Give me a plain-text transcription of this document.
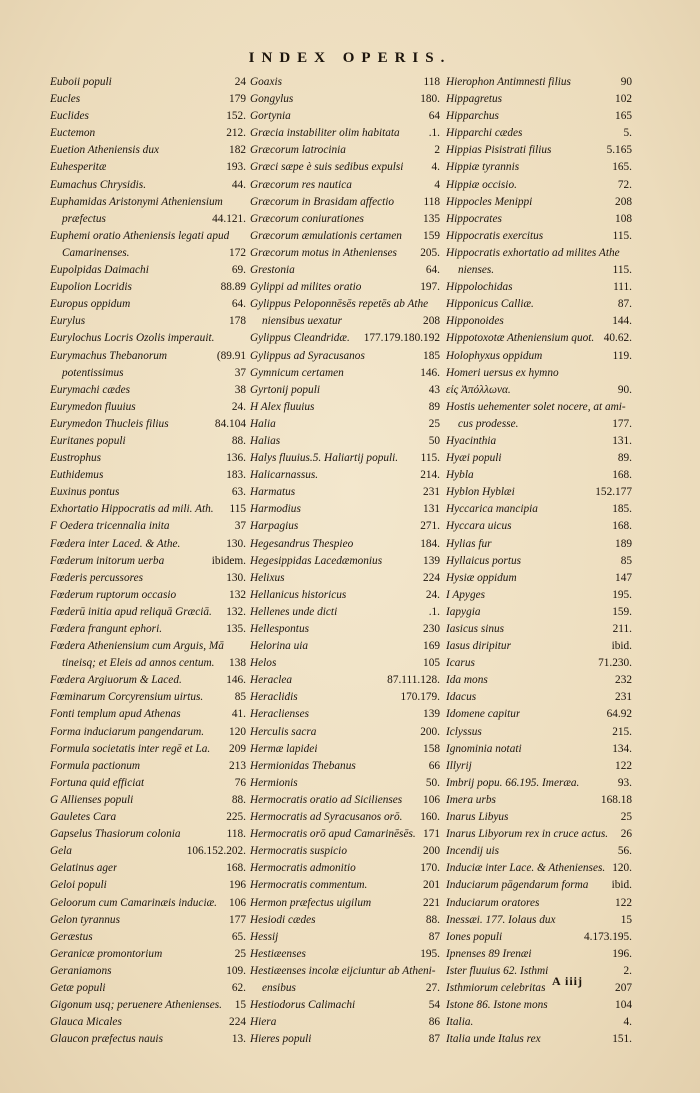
INDEX OPERIS.
Euboii populi	24
Eucles	179
Euclides	152.
Euctemon	212.
Euetion Atheniensis dux	182
Euhesperitæ	193.
Eumachus Chrysidis.	44.
Euphamidas Aristonymi Atheniensium
præfectus	44.121.
Euphemi oratio Atheniensis legati apud
Camarinenses.	172
Eupolpidas Daimachi	69.
Eupolion Locridis	88.89
Europus oppidum	64.
Eurylus	178
Eurylochus Locris Ozolis imperauit.
Eurymachus Thebanorum	(89.91
potentissimus	37
Eurymachi cædes	38
Eurymedon fluuius	24.
Eurymedon Thucleis filius	84.104
Euritanes populi	88.
Eustrophus	136.
Euthidemus	183.
Euxinus pontus	63.
Exhortatio Hippocratis ad mili. Ath. 115
F Oedera tricennalia inita	37
Fœdera inter Laced. & Athe.	130.
Fœderum initorum uerba	ibidem.
Fœderis percussores	130.
Fœderum ruptorum occasio	132
Fœderū initia apud reliquā Græciā. 132.
Fœdera frangunt ephori.	135.
Fœdera Atheniensium cum Arguis, Mā
tineisq; et Eleis ad annos centum. 138
Fœdera Argiuorum & Laced.	146.
Fœminarum Corcyrensium uirtus.	85
Fonti templum apud Athenas	41.
Forma induciarum pangendarum. 120
Formula societatis inter regē et La. 209
Formula pactionum	213
Fortuna quid efficiat	76
G Allienses populi	88.
Gauletes Cara	225.
Gapselus Thasiorum colonia	118.
Gela	106.152.202.
Gelatinus ager	168.
Geloi populi	196
Geloorum cum Camarinæis induciæ. 106
Gelon tyrannus	177
Geræstus	65.
Geranicæ promontorium	25
Geraniamons	109.
Getæ populi	62.
Gigonum usq; peruenere Athenienses. 15
Glauca Micales	224
Glaucon præfectus nauis	13.
Goaxis	118
Gongylus	180.
Gortynia	64
Græcia instabiliter olim habitata	.1.
Græcorum latrocinia	2
Græci sæpe è suis sedibus expulsi 4.
Græcorum res nautica	4
Græcorum in Brasidam affectio	118
Græcorum coniurationes	135
Græcorum æmulationis certamen 159
Græcorum motus in Athenienses 205.
Grestonia	64.
Gylippi ad milites oratio	197.
Gylippus Peloponnēsēs repetēs ab Athe
niensibus uexatur	208
Gylippus Cleandridæ. 177.179.180.192
Gylippus ad Syracusanos	185
Gymnicum certamen	146.
Gyrtonij populi	43
H Alex fluuius	89
Halia	25
Halias	50
Halys fluuius.5. Haliartij populi. 115.
Halicarnassus.	214.
Harmatus	231
Harmodius	131
Harpagius	271.
Hegesandrus Thespieo	184.
Hegesippidas Lacedæmonius	139
Helixus	224
Hellanicus historicus	24.
Hellenes unde dicti	.1.
Hellespontus	230
Helorina uia	169
Helos	105
Heraclea	87.111.128.
Heraclidis	170.179.
Heraclienses	139
Herculis sacra	200.
Hermæ lapidei	158
Hermionidas Thebanus	66
Hermionis	50.
Hermocratis oratio ad Sicilienses 106
Hermocratis ad Syracusanos orō. 160.
Hermocratis orō apud Camarinēsēs. 171
Hermocratis suspicio	200
Hermocratis admonitio	170.
Hermocratis commentum.	201
Hermon præfectus uigilum	221
Hesiodi cædes	88.
Hessij	87
Hestiæenses	195.
Hestiæenses incolæ eijciuntur ab Atheni-
ensibus	27.
Hestiodorus Calimachi	54
Hiera	86
Hieres populi	87
Hierophon Antimnesti filius	90
Hippagretus	102
Hipparchus	165
Hipparchi cædes	5.
Hippias Pisistrati filius	5.165
Hippiæ tyrannis	165.
Hippiæ occisio.	72.
Hippocles Menippi	208
Hippocrates	108
Hippocratis exercitus	115.
Hippocratis exhortatio ad milites Athe
nienses.	115.
Hippolochidas	111.
Hipponicus Calliæ.	87.
Hipponoides	144.
Hippotoxotæ Atheniensium quot. 40.62.
Holophyxus oppidum	119.
Homeri uersus ex hymno
εἰς Ἀπόλλωνα.	90.
Hostis uehementer solet nocere, at ami-
cus prodesse.	177.
Hyacinthia	131.
Hyæi populi	89.
Hybla	168.
Hyblon Hyblæi	152.177
Hyccarica mancipia	185.
Hyccara uicus	168.
Hylias fur	189
Hyllaicus portus	85
Hysiæ oppidum	147
I Apyges	195.
Iapygia	159.
Iasicus sinus	211.
Iasus diripitur	ibid.
Icarus	71.230.
Ida mons	232
Idacus	231
Idomene capitur	64.92
Iclyssus	215.
Ignominia notati	134.
Illyrij	122
Imbrij popu. 66.195. Imeræa.	93.
Imera urbs	168.18
Inarus Libyus	25
Inarus Libyorum rex in cruce actus. 26
Incendij uis	56.
Induciæ inter Lace. & Athenienses. 120.
Induciarum pāgendarum forma ibid.
Induciarum oratores	122
Inessæi. 177. Iolaus dux	15
Iones populi	4.173.195.
Ipnenses 89 Irenæi	196.
Ister fluuius 62. Isthmi	2.
Isthmiorum celebritas	207
Istone 86. Istone mons	104
Italia.	4.
Italia unde Italus rex	151.
A iiij
